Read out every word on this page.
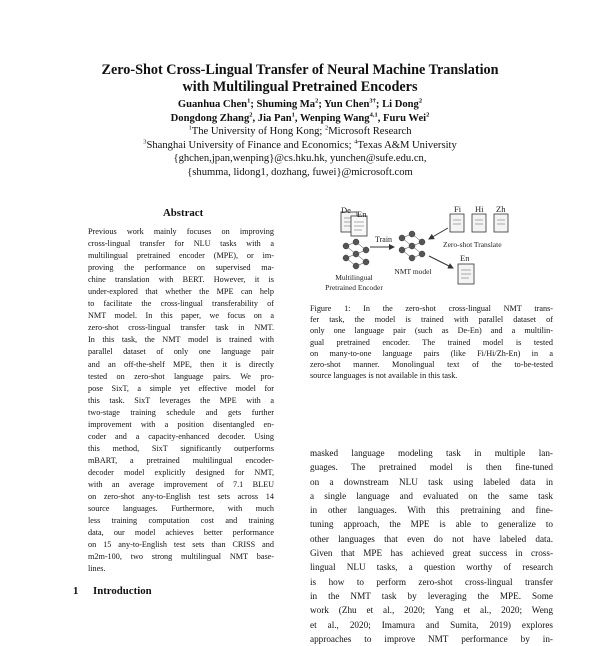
Zero-Shot Cross-Lingual Transfer of Neural Machine Translation
with Multilingual Pretrained Encoders
Guanhua Chen$^1$; Shuming Ma$^2$; Yun Chen$^{3\dagger}$; Li Dong$^2$
Dongdong Zhang$^2$, Jia Pan$^1$, Wenping Wang$^{4,1}$, Furu Wei$^2$
$^1$The University of Hong Kong; $^2$Microsoft Research
$^3$Shanghai University of Finance and Economics; $^4$Texas A&M University
{ghchen,jpan,wenping}@cs.hku.hk, yunchen@sufe.edu.cn,
{shumma, lidong1, dozhang, fuwei}@microsoft.com
Abstract
Previous work mainly focuses on improving
cross-lingual transfer for NLU tasks with a
multilingual pretrained encoder (MPE), or im-
proving the performance on supervised ma-
chine translation with BERT. However, it is
under-explored that whether the MPE can help
to facilitate the cross-lingual transferability of
NMT model. In this paper, we focus on a
zero-shot cross-lingual transfer task in NMT.
In this task, the NMT model is trained with
parallel dataset of only one language pair
and an off-the-shelf MPE, then it is directly
tested on zero-shot language pairs. We pro-
pose SixT, a simple yet effective model for
this task. SixT leverages the MPE with a
two-stage training schedule and gets further
improvement with a position disentangled en-
coder and a capacity-enhanced decoder. Using
this method, SixT significantly outperforms
mBART, a pretrained multilingual encoder-
decoder model explicitly designed for NMT,
with an average improvement of 7.1 BLEU
on zero-shot any-to-English test sets across 14
source languages. Furthermore, with much
less training computation cost and training
data, our model achieves better performance
on 15 any-to-English test sets than CRISS and
m2m-100, two strong multilingual NMT base-
lines.
De En
Multilingual
Pretrained Encoder
Train
NMT model
Fi Hi Zh
Zero-shot Translate
En
Figure 1: In the zero-shot cross-lingual NMT trans-
fer task, the model is trained with parallel dataset of
only one language pair (such as De-En) and a multilin-
gual pretrained encoder. The trained model is tested
on many-to-one language pairs (like Fi/Hi/Zh-En) in a
zero-shot manner. Monolingual text of the to-be-tested
source languages is not available in this task.
masked language modeling task in multiple lan-
guages. The pretrained model is then fine-tuned
on a downstream NLU task using labeled data in
a single language and evaluated on the same task
in other languages. With this pretraining and fine-
tuning approach, the MPE is able to generalize to
other languages that even do not have labeled data.
Given that MPE has achieved great success in cross-
lingual NLU tasks, a question worthy of research
is how to perform zero-shot cross-lingual transfer
in the NMT task by leveraging the MPE. Some
work (Zhu et al., 2020; Yang et al., 2020; Weng
et al., 2020; Imamura and Sumita, 2019) explores
approaches to improve NMT performance by in-
1 Introduction
